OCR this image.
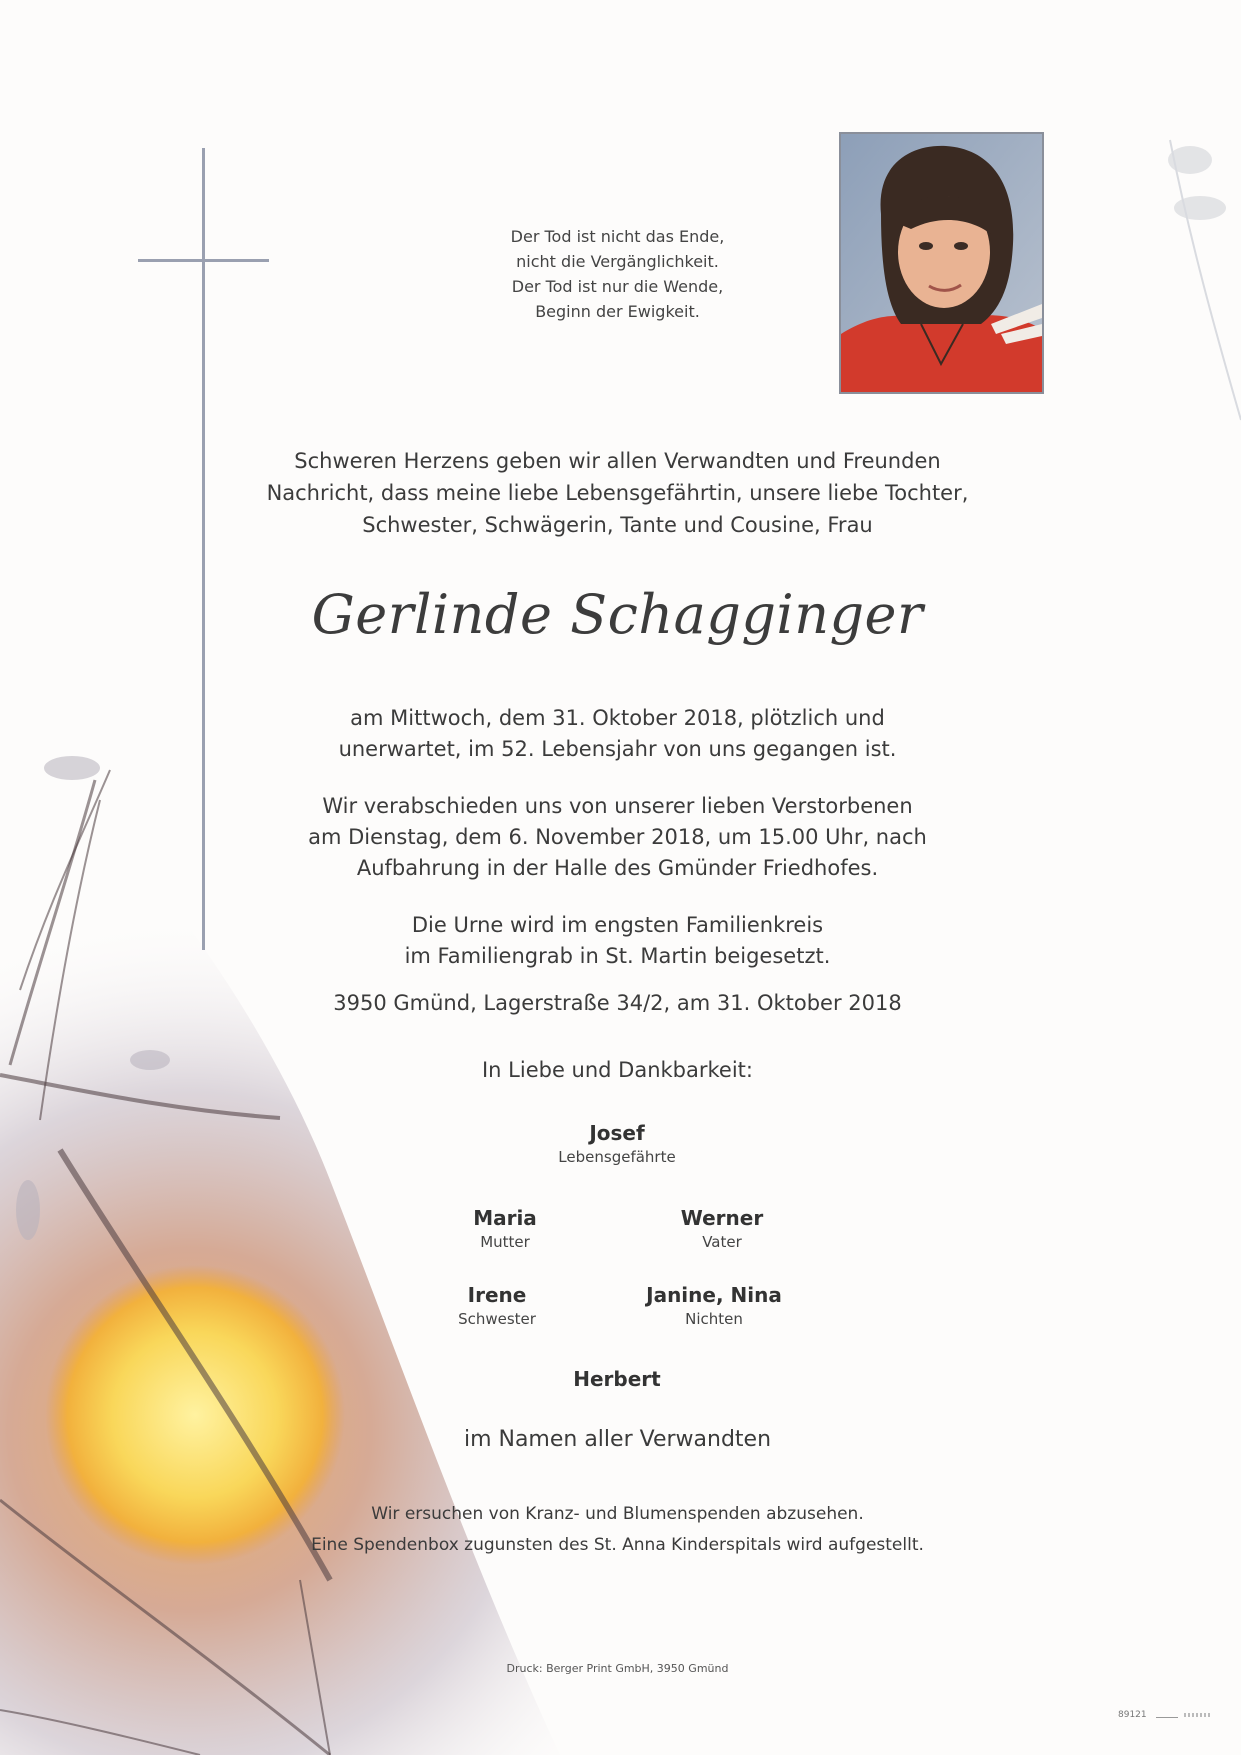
Der Tod ist nicht das Ende,
nicht die Vergänglichkeit.
Der Tod ist nur die Wende,
Beginn der Ewigkeit.
Schweren Herzens geben wir allen Verwandten und Freunden
Nachricht, dass meine liebe Lebensgefährtin, unsere liebe Tochter,
Schwester, Schwägerin, Tante und Cousine, Frau
Gerlinde Schagginger
am Mittwoch, dem 31. Oktober 2018, plötzlich und
unerwartet, im 52. Lebensjahr von uns gegangen ist.
Wir verabschieden uns von unserer lieben Verstorbenen
am Dienstag, dem 6. November 2018, um 15.00 Uhr, nach
Aufbahrung in der Halle des Gmünder Friedhofes.
Die Urne wird im engsten Familienkreis
im Familiengrab in St. Martin beigesetzt.
3950 Gmünd, Lagerstraße 34/2, am 31. Oktober 2018
In Liebe und Dankbarkeit:
Josef
Lebensgefährte
Maria
Mutter
Werner
Vater
Irene
Schwester
Janine, Nina
Nichten
Herbert
im Namen aller Verwandten
Wir ersuchen von Kranz- und Blumenspenden abzusehen.
Eine Spendenbox zugunsten des St. Anna Kinderspitals wird aufgestellt.
Druck: Berger Print GmbH, 3950 Gmünd
89121
